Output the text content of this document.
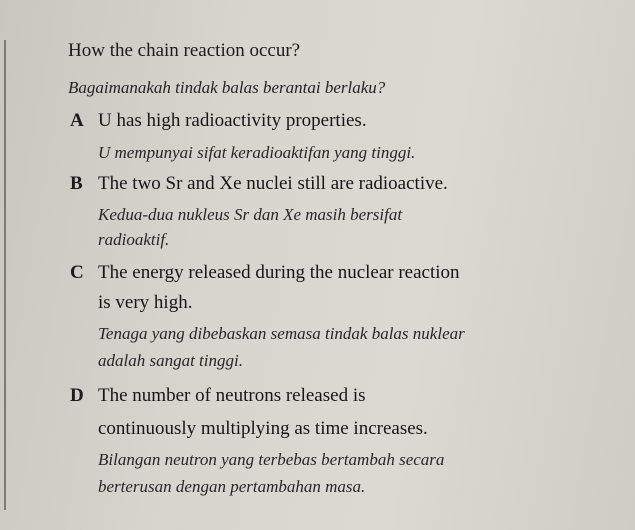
How the chain reaction occur?
Bagaimanakah tindak balas berantai berlaku?
A U has high radioactivity properties.
U mempunyai sifat keradioaktifan yang tinggi.
B The two Sr and Xe nuclei still are radioactive.
Kedua-dua nukleus Sr dan Xe masih bersifat
radioaktif.
C The energy released during the nuclear reaction
is very high.
Tenaga yang dibebaskan semasa tindak balas nuklear
adalah sangat tinggi.
D The number of neutrons released is
continuously multiplying as time increases.
Bilangan neutron yang terbebas bertambah secara
berterusan dengan pertambahan masa.
